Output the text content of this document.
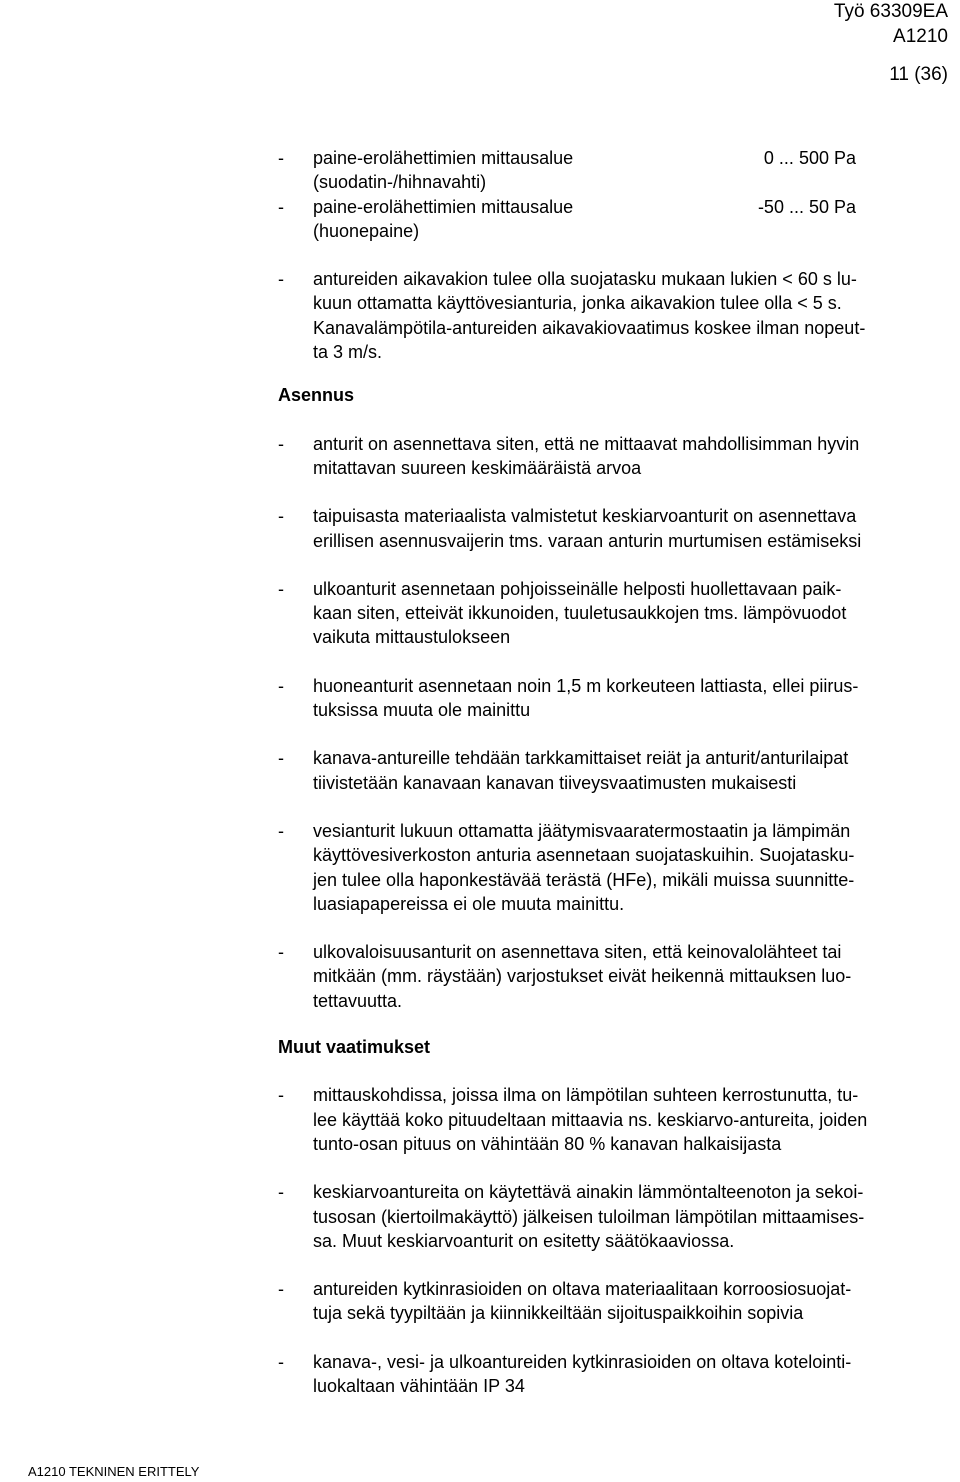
Työ 63309EA
A1210
11 (36)
- paine-erolähettimien mittausalue	0 ... 500 Pa

(suodatin-/hihnavahti)

- paine-erolähettimien mittausalue	-50 ... 50 Pa

(huonepaine)

- antureiden aikavakion tulee olla suojatasku mukaan lukien < 60 s lu-

kuun ottamatta käyttövesianturia, jonka aikavakion tulee olla < 5 s.

Kanavalämpötila-antureiden aikavakiovaatimus koskee ilman nopeut-

ta 3 m/s.

Asennus

- anturit on asennettava siten, että ne mittaavat mahdollisimman hyvin

mitattavan suureen keskimääräistä arvoa

- taipuisasta materiaalista valmistetut keskiarvoanturit on asennettava

erillisen asennusvaijerin tms. varaan anturin murtumisen estämiseksi

- ulkoanturit asennetaan pohjoisseinälle helposti huollettavaan paik-

kaan siten, etteivät ikkunoiden, tuuletusaukkojen tms. lämpövuodot

vaikuta mittaustulokseen

- huoneanturit asennetaan noin 1,5 m korkeuteen lattiasta, ellei piirus-

tuksissa muuta ole mainittu

- kanava-antureille tehdään tarkkamittaiset reiät ja anturit/anturilaipat

tiivistetään kanavaan kanavan tiiveysvaatimusten mukaisesti

- vesianturit lukuun ottamatta jäätymisvaaratermostaatin ja lämpimän

käyttövesiverkoston anturia asennetaan suojataskuihin. Suojatasku-

jen tulee olla haponkestävää terästä (HFe), mikäli muissa suunnitte-

luasiapapereissa ei ole muuta mainittu.

- ulkovaloisuusanturit on asennettava siten, että keinovalolähteet tai

mitkään (mm. räystään) varjostukset eivät heikennä mittauksen luo-

tettavuutta.

Muut vaatimukset

- mittauskohdissa, joissa ilma on lämpötilan suhteen kerrostunutta, tu-

lee käyttää koko pituudeltaan mittaavia ns. keskiarvo-antureita, joiden

tunto-osan pituus on vähintään 80 % kanavan halkaisijasta

- keskiarvoantureita on käytettävä ainakin lämmöntalteenoton ja sekoi-

tusosan (kiertoilmakäyttö) jälkeisen tuloilman lämpötilan mittaamises-

sa. Muut keskiarvoanturit on esitetty säätökaaviossa.

- antureiden kytkinrasioiden on oltava materiaalitaan korroosiosuojat-

tuja sekä tyypiltään ja kiinnikkeiltään sijoituspaikkoihin sopivia

- kanava-, vesi- ja ulkoantureiden kytkinrasioiden on oltava kotelointi-

luokaltaan vähintään IP 34

A1210 TEKNINEN ERITTELY
